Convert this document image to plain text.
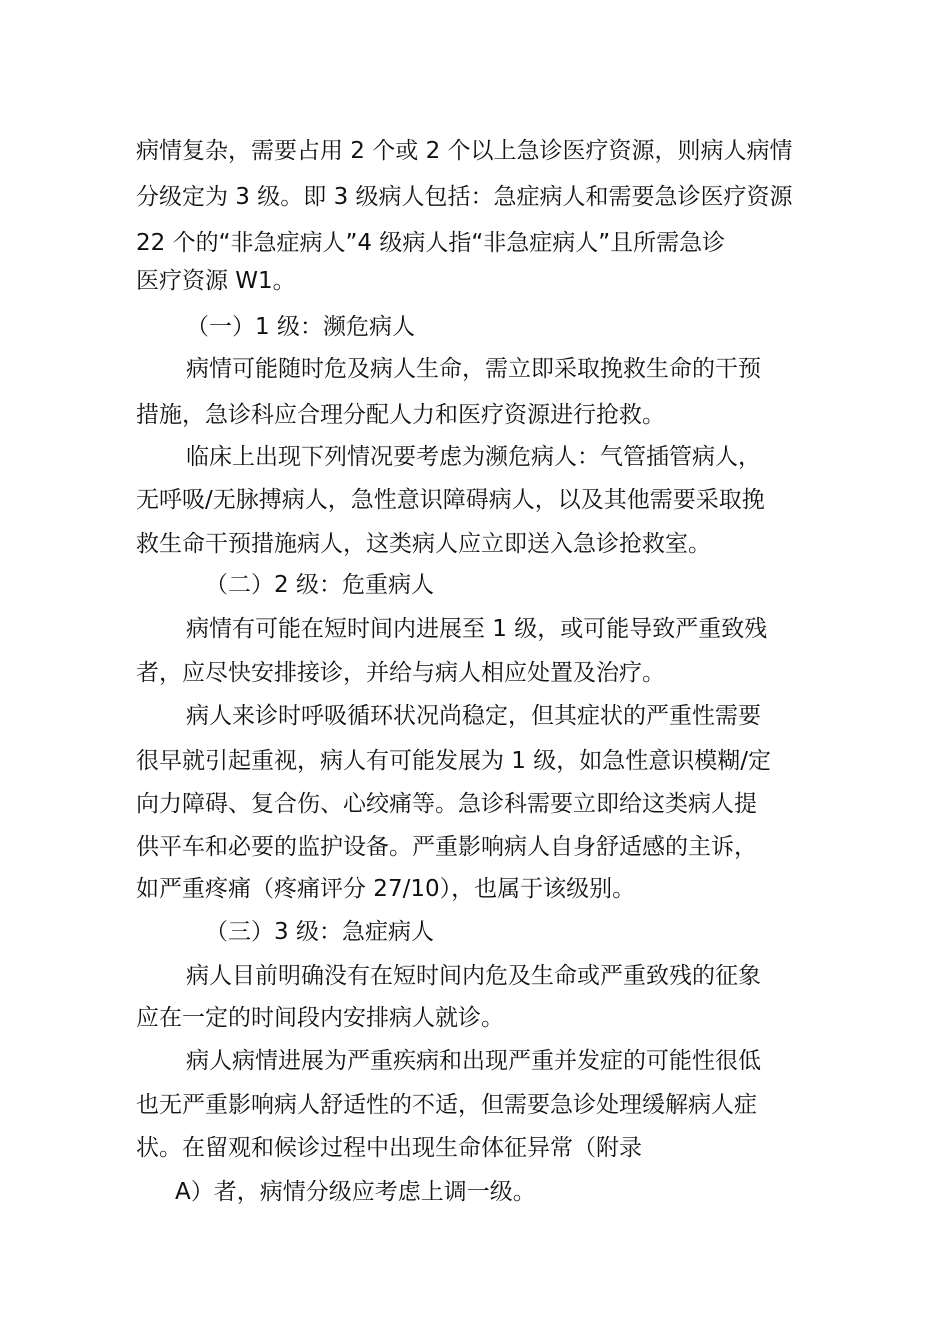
病情复杂，需要占用 2 个或 2 个以上急诊医疗资源，则病人病情
分级定为 3 级。即 3 级病人包括：急症病人和需要急诊医疗资源
22 个的“非急症病人”4 级病人指“非急症病人”且所需急诊
医疗资源 W1。
（一）1 级：濒危病人
病情可能随时危及病人生命，需立即采取挽救生命的干预
措施，急诊科应合理分配人力和医疗资源进行抢救。
临床上出现下列情况要考虑为濒危病人：气管插管病人，
无呼吸/无脉搏病人，急性意识障碍病人，以及其他需要采取挽
救生命干预措施病人，这类病人应立即送入急诊抢救室。
（二）2 级：危重病人
病情有可能在短时间内进展至 1 级，或可能导致严重致残
者，应尽快安排接诊，并给与病人相应处置及治疗。
病人来诊时呼吸循环状况尚稳定，但其症状的严重性需要
很早就引起重视，病人有可能发展为 1 级，如急性意识模糊/定
向力障碍、复合伤、心绞痛等。急诊科需要立即给这类病人提
供平车和必要的监护设备。严重影响病人自身舒适感的主诉，
如严重疼痛（疼痛评分 27/10），也属于该级别。
（三）3 级：急症病人
病人目前明确没有在短时间内危及生命或严重致残的征象
应在一定的时间段内安排病人就诊。
病人病情进展为严重疾病和出现严重并发症的可能性很低
也无严重影响病人舒适性的不适，但需要急诊处理缓解病人症
状。在留观和候诊过程中出现生命体征异常（附录
A）者，病情分级应考虑上调一级。
